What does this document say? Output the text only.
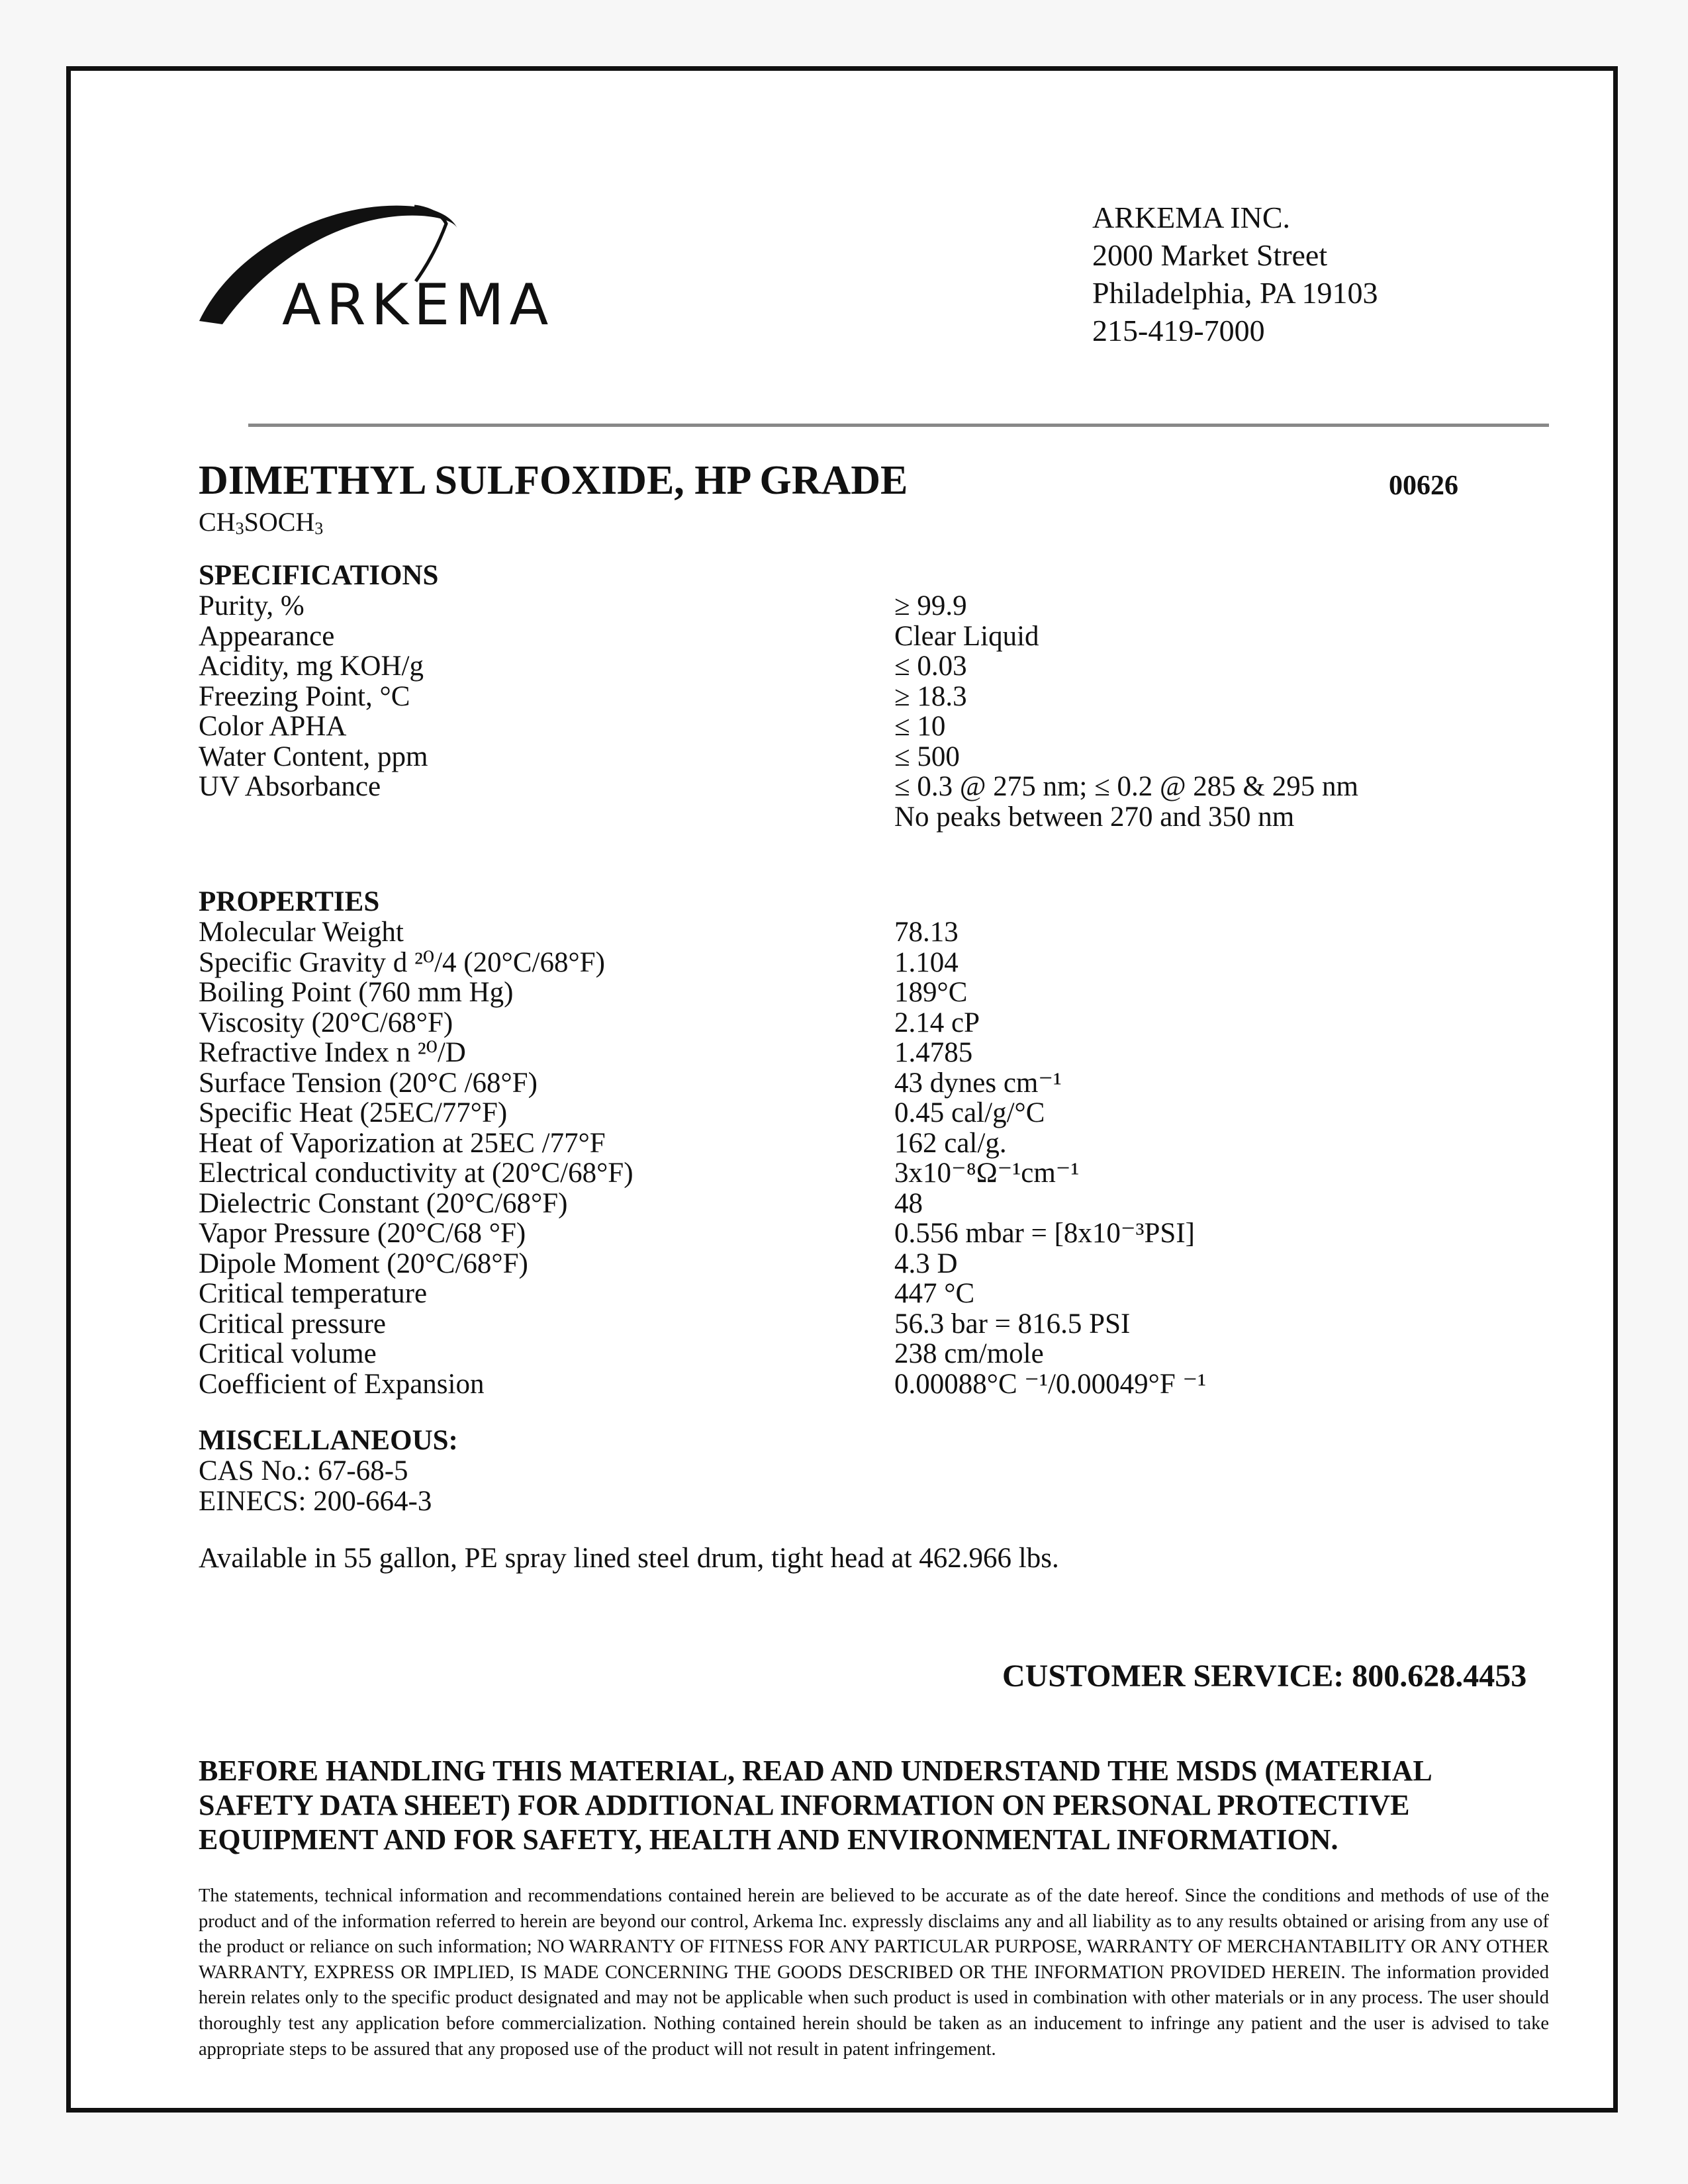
ARKEMA
ARKEMA INC.
2000 Market Street
Philadelphia, PA 19103
215-419-7000
DIMETHYL SULFOXIDE, HP GRADE	00626
$CH_3SOCH_3$
SPECIFICATIONS
Purity, %	≥ 99.9
Appearance	Clear Liquid
Acidity, mg KOH/g	≤ 0.03
Freezing Point, °C	≥ 18.3
Color APHA	≤ 10
Water Content, ppm	≤ 500
UV Absorbance	≤ 0.3 @ 275 nm; ≤ 0.2 @ 285 & 295 nm
No peaks between 270 and 350 nm
PROPERTIES
Molecular Weight	78.13
Specific Gravity d ²⁰/4 (20°C/68°F)	1.104
Boiling Point (760 mm Hg)	189°C
Viscosity (20°C/68°F)	2.14 cP
Refractive Index n ²⁰/D	1.4785
Surface Tension (20°C /68°F)	43 dynes cm⁻¹
Specific Heat (25EC/77°F)	0.45 cal/g/°C
Heat of Vaporization at 25EC /77°F	162 cal/g.
Electrical conductivity at (20°C/68°F)	3x10⁻⁸Ω⁻¹cm⁻¹
Dielectric Constant (20°C/68°F)	48
Vapor Pressure (20°C/68 °F)	0.556 mbar = [8x10⁻³PSI]
Dipole Moment (20°C/68°F)	4.3 D
Critical temperature	447 °C
Critical pressure	56.3 bar = 816.5 PSI
Critical volume	238 cm/mole
Coefficient of Expansion	0.00088°C ⁻¹/0.00049°F ⁻¹
MISCELLANEOUS:
CAS No.: 67-68-5
EINECS: 200-664-3
Available in 55 gallon, PE spray lined steel drum, tight head at 462.966 lbs.
CUSTOMER SERVICE: 800.628.4453
BEFORE HANDLING THIS MATERIAL, READ AND UNDERSTAND THE MSDS (MATERIAL SAFETY DATA SHEET) FOR ADDITIONAL INFORMATION ON PERSONAL PROTECTIVE EQUIPMENT AND FOR SAFETY, HEALTH AND ENVIRONMENTAL INFORMATION.
The statements, technical information and recommendations contained herein are believed to be accurate as of the date hereof. Since the conditions and methods of use of the product and of the information referred to herein are beyond our control, Arkema Inc. expressly disclaims any and all liability as to any results obtained or arising from any use of the product or reliance on such information; NO WARRANTY OF FITNESS FOR ANY PARTICULAR PURPOSE, WARRANTY OF MERCHANTABILITY OR ANY OTHER WARRANTY, EXPRESS OR IMPLIED, IS MADE CONCERNING THE GOODS DESCRIBED OR THE INFORMATION PROVIDED HEREIN. The information provided herein relates only to the specific product designated and may not be applicable when such product is used in combination with other materials or in any process. The user should thoroughly test any application before commercialization. Nothing contained herein should be taken as an inducement to infringe any patient and the user is advised to take appropriate steps to be assured that any proposed use of the product will not result in patent infringement.
